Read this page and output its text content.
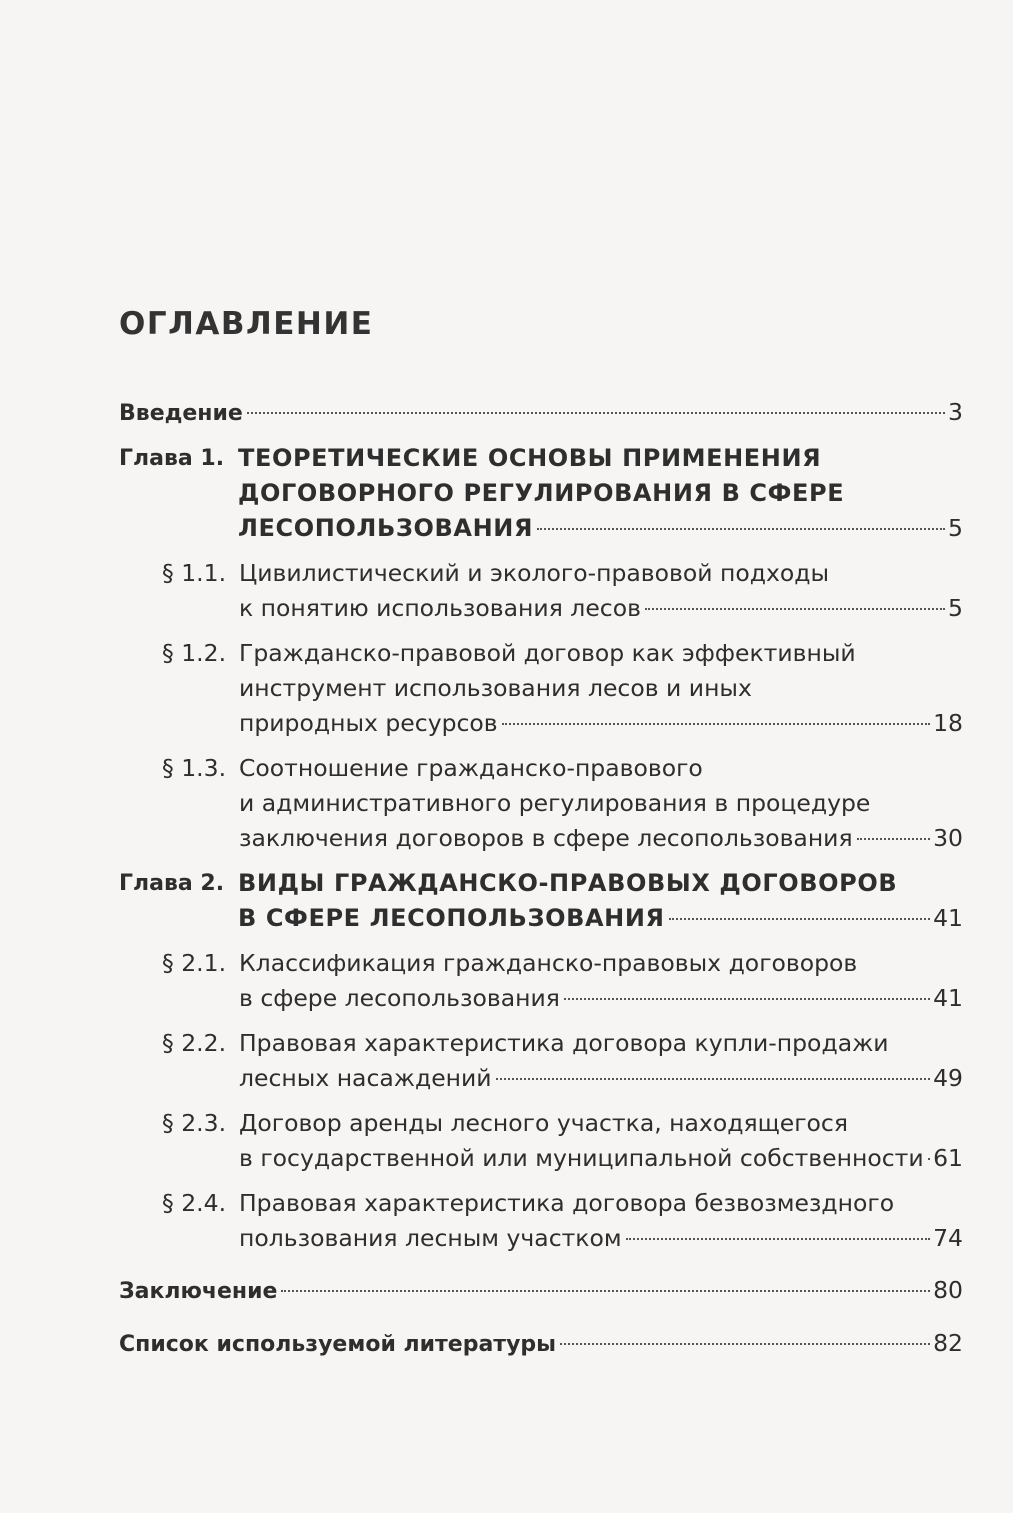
ОГЛАВЛЕНИЕ
Введение	3
Глава 1. ТЕОРЕТИЧЕСКИЕ ОСНОВЫ ПРИМЕНЕНИЯ
ДОГОВОРНОГО РЕГУЛИРОВАНИЯ В СФЕРЕ
ЛЕСОПОЛЬЗОВАНИЯ	5
§ 1.1. Цивилистический и эколого-правовой подходы
к понятию использования лесов	5
§ 1.2. Гражданско-правовой договор как эффективный
инструмент использования лесов и иных
природных ресурсов	18
§ 1.3. Соотношение гражданско-правового
и административного регулирования в процедуре
заключения договоров в сфере лесопользования	30
Глава 2. ВИДЫ ГРАЖДАНСКО-ПРАВОВЫХ ДОГОВОРОВ
В СФЕРЕ ЛЕСОПОЛЬЗОВАНИЯ	41
§ 2.1. Классификация гражданско-правовых договоров
в сфере лесопользования	41
§ 2.2. Правовая характеристика договора купли-продажи
лесных насаждений	49
§ 2.3. Договор аренды лесного участка, находящегося
в государственной или муниципальной собственности 61
§ 2.4. Правовая характеристика договора безвозмездного
пользования лесным участком	74
Заключение	80
Список используемой литературы	82
